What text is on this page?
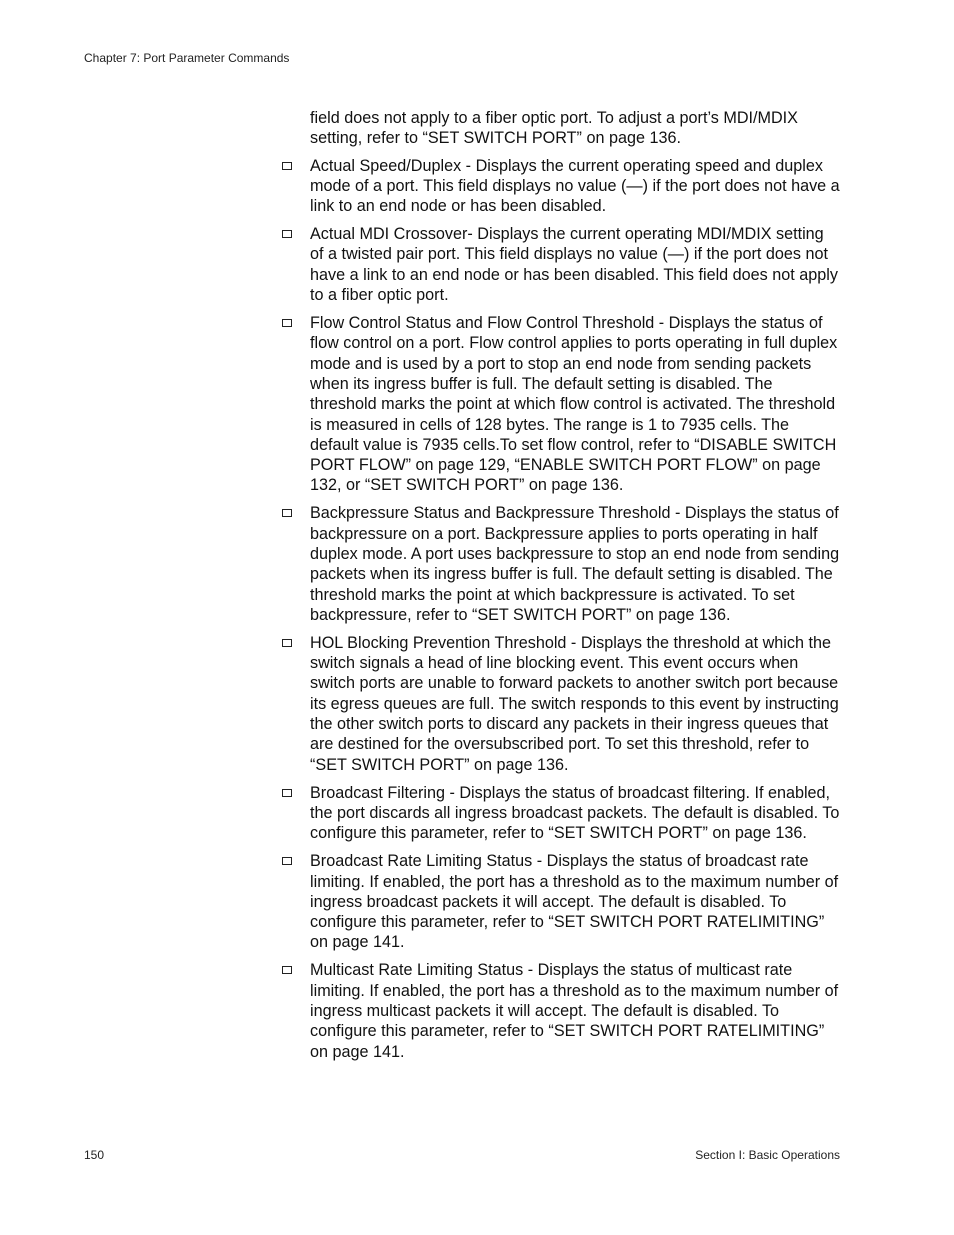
Chapter 7: Port Parameter Commands

field does not apply to a fiber optic port. To adjust a port’s MDI/MDIX setting, refer to “SET SWITCH PORT” on page 136.

Actual Speed/Duplex - Displays the current operating speed and duplex mode of a port. This field displays no value (—) if the port does not have a link to an end node or has been disabled.
Actual MDI Crossover- Displays the current operating MDI/MDIX setting of a twisted pair port. This field displays no value (—) if the port does not have a link to an end node or has been disabled. This field does not apply to a fiber optic port.
Flow Control Status and Flow Control Threshold - Displays the status of flow control on a port. Flow control applies to ports operating in full duplex mode and is used by a port to stop an end node from sending packets when its ingress buffer is full. The default setting is disabled. The threshold marks the point at which flow control is activated. The threshold is measured in cells of 128 bytes. The range is 1 to 7935 cells. The default value is 7935 cells.To set flow control, refer to “DISABLE SWITCH PORT FLOW” on page 129, “ENABLE SWITCH PORT FLOW” on page 132, or “SET SWITCH PORT” on page 136.
Backpressure Status and Backpressure Threshold - Displays the status of backpressure on a port. Backpressure applies to ports operating in half duplex mode. A port uses backpressure to stop an end node from sending packets when its ingress buffer is full. The default setting is disabled. The threshold marks the point at which backpressure is activated. To set backpressure, refer to “SET SWITCH PORT” on page 136.
HOL Blocking Prevention Threshold - Displays the threshold at which the switch signals a head of line blocking event. This event occurs when switch ports are unable to forward packets to another switch port because its egress queues are full. The switch responds to this event by instructing the other switch ports to discard any packets in their ingress queues that are destined for the oversubscribed port. To set this threshold, refer to “SET SWITCH PORT” on page 136.
Broadcast Filtering - Displays the status of broadcast filtering. If enabled, the port discards all ingress broadcast packets. The default is disabled. To configure this parameter, refer to “SET SWITCH PORT” on page 136.
Broadcast Rate Limiting Status - Displays the status of broadcast rate limiting. If enabled, the port has a threshold as to the maximum number of ingress broadcast packets it will accept. The default is disabled. To configure this parameter, refer to “SET SWITCH PORT RATELIMITING” on page 141.
Multicast Rate Limiting Status - Displays the status of multicast rate limiting. If enabled, the port has a threshold as to the maximum number of ingress multicast packets it will accept. The default is disabled. To configure this parameter, refer to “SET SWITCH PORT RATELIMITING” on page 141.
150	Section I: Basic Operations
